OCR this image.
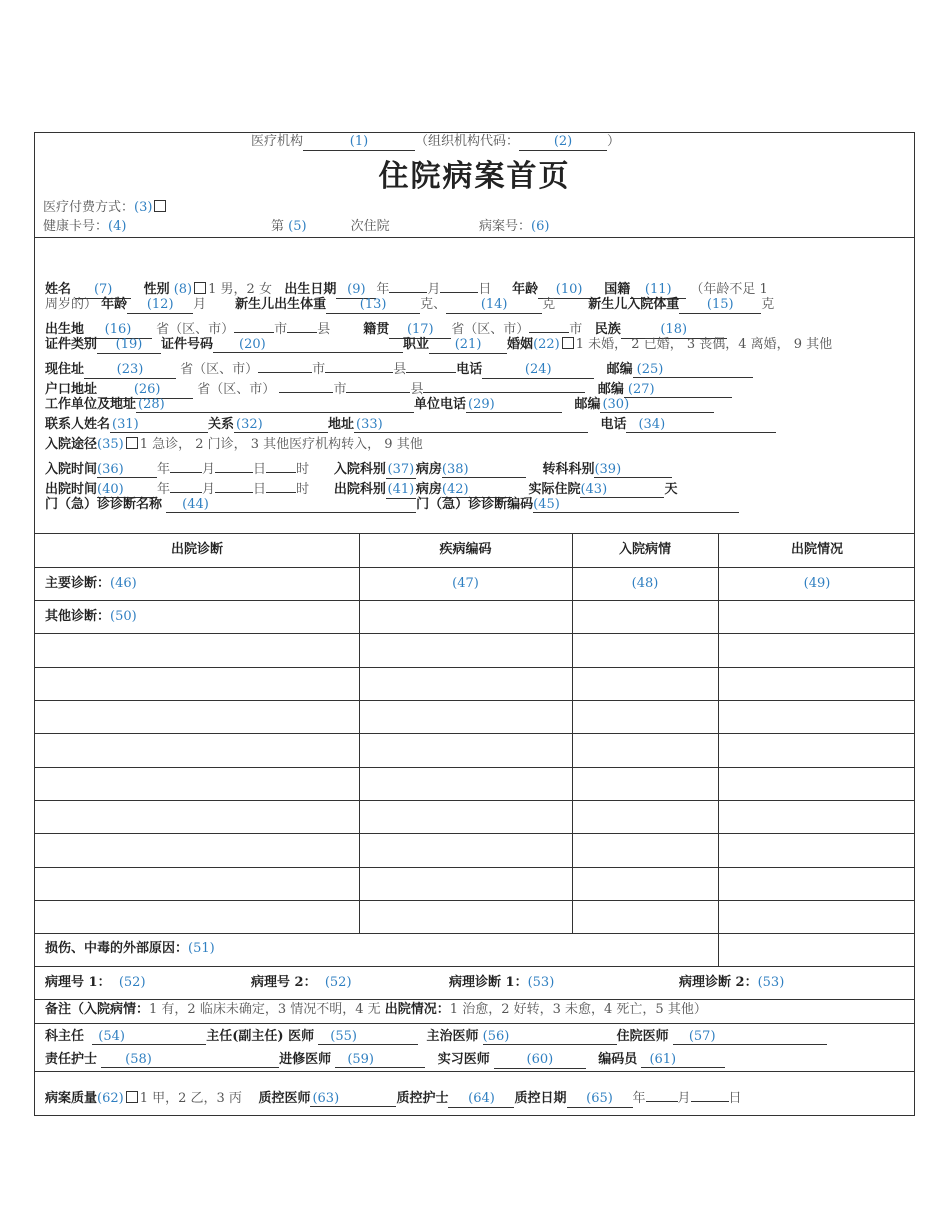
医疗机构	(1)	（组织机构代码：	(2)	）
住院病案首页
医疗付费方式：(3)
健康卡号：(4)	第 (5)	次住院	病案号：(6)
姓名 (7) 性别 (8) 1 男，2 女 出生日期 (9) 年	月	日 年龄 (10) 国籍 (11) （年龄不足 1
周岁的） 年龄 (12) 月 新生儿出生体重	(13)	克、	(14)	克	新生儿入院体重 (15) 克
出生地 (16) 省（区、市）	市 县	籍贯 (17) 省（区、市）	市 民族	(18)
证件类别 (19) 证件号码 (20)	职业 (21) 婚姻(22) 1 未婚， 2 已婚， 3 丧偶，4 离婚， 9 其他
现住址	(23)	省（区、市）	市	县	电话	(24)	邮编 (25)
户口地址	(26)	省（区、市）	市	县	邮编 (27)
工作单位及地址 (28)	单位电话 (29)	邮编 (30)
联系人姓名 (31)	关系 (32)	地址 (33)	电话 (34)
入院途径(35) 1 急诊， 2 门诊， 3 其他医疗机构转入， 9 其他
入院时间(36)	年 月	日 时 入院科别 (37) 病房(38)	转科科别(39)
出院时间(40)	年 月	日 时 出院科别 (41) 病房(42)	实际住院(43)	天
门（急）诊诊断名称 (44)	门（急）诊诊断编码(45)
出院诊断	疾病编码	入院病情	出院情况
主要诊断：(46)	(47)	(48)	(49)
其他诊断：(50)
损伤、中毒的外部原因：(51)
病理号 1： (52)	病理号 2： (52)	病理诊断 1：(53)	病理诊断 2：(53)
备注（入院病情：1 有，2 临床未确定，3 情况不明，4 无 出院情况：1 治愈，2 好转，3 未愈，4 死亡，5 其他）
科主任 (54)	主任(副主任) 医师 (55)	主治医师 (56)	住院医师 (57)
责任护士 (58)	进修医师 (59)	实习医师	(60)	编码员 (61)
病案质量(62) 1 甲，2 乙，3 丙 质控医师 (63)	质控护士 (64) 质控日期 (65) 年 月	日
